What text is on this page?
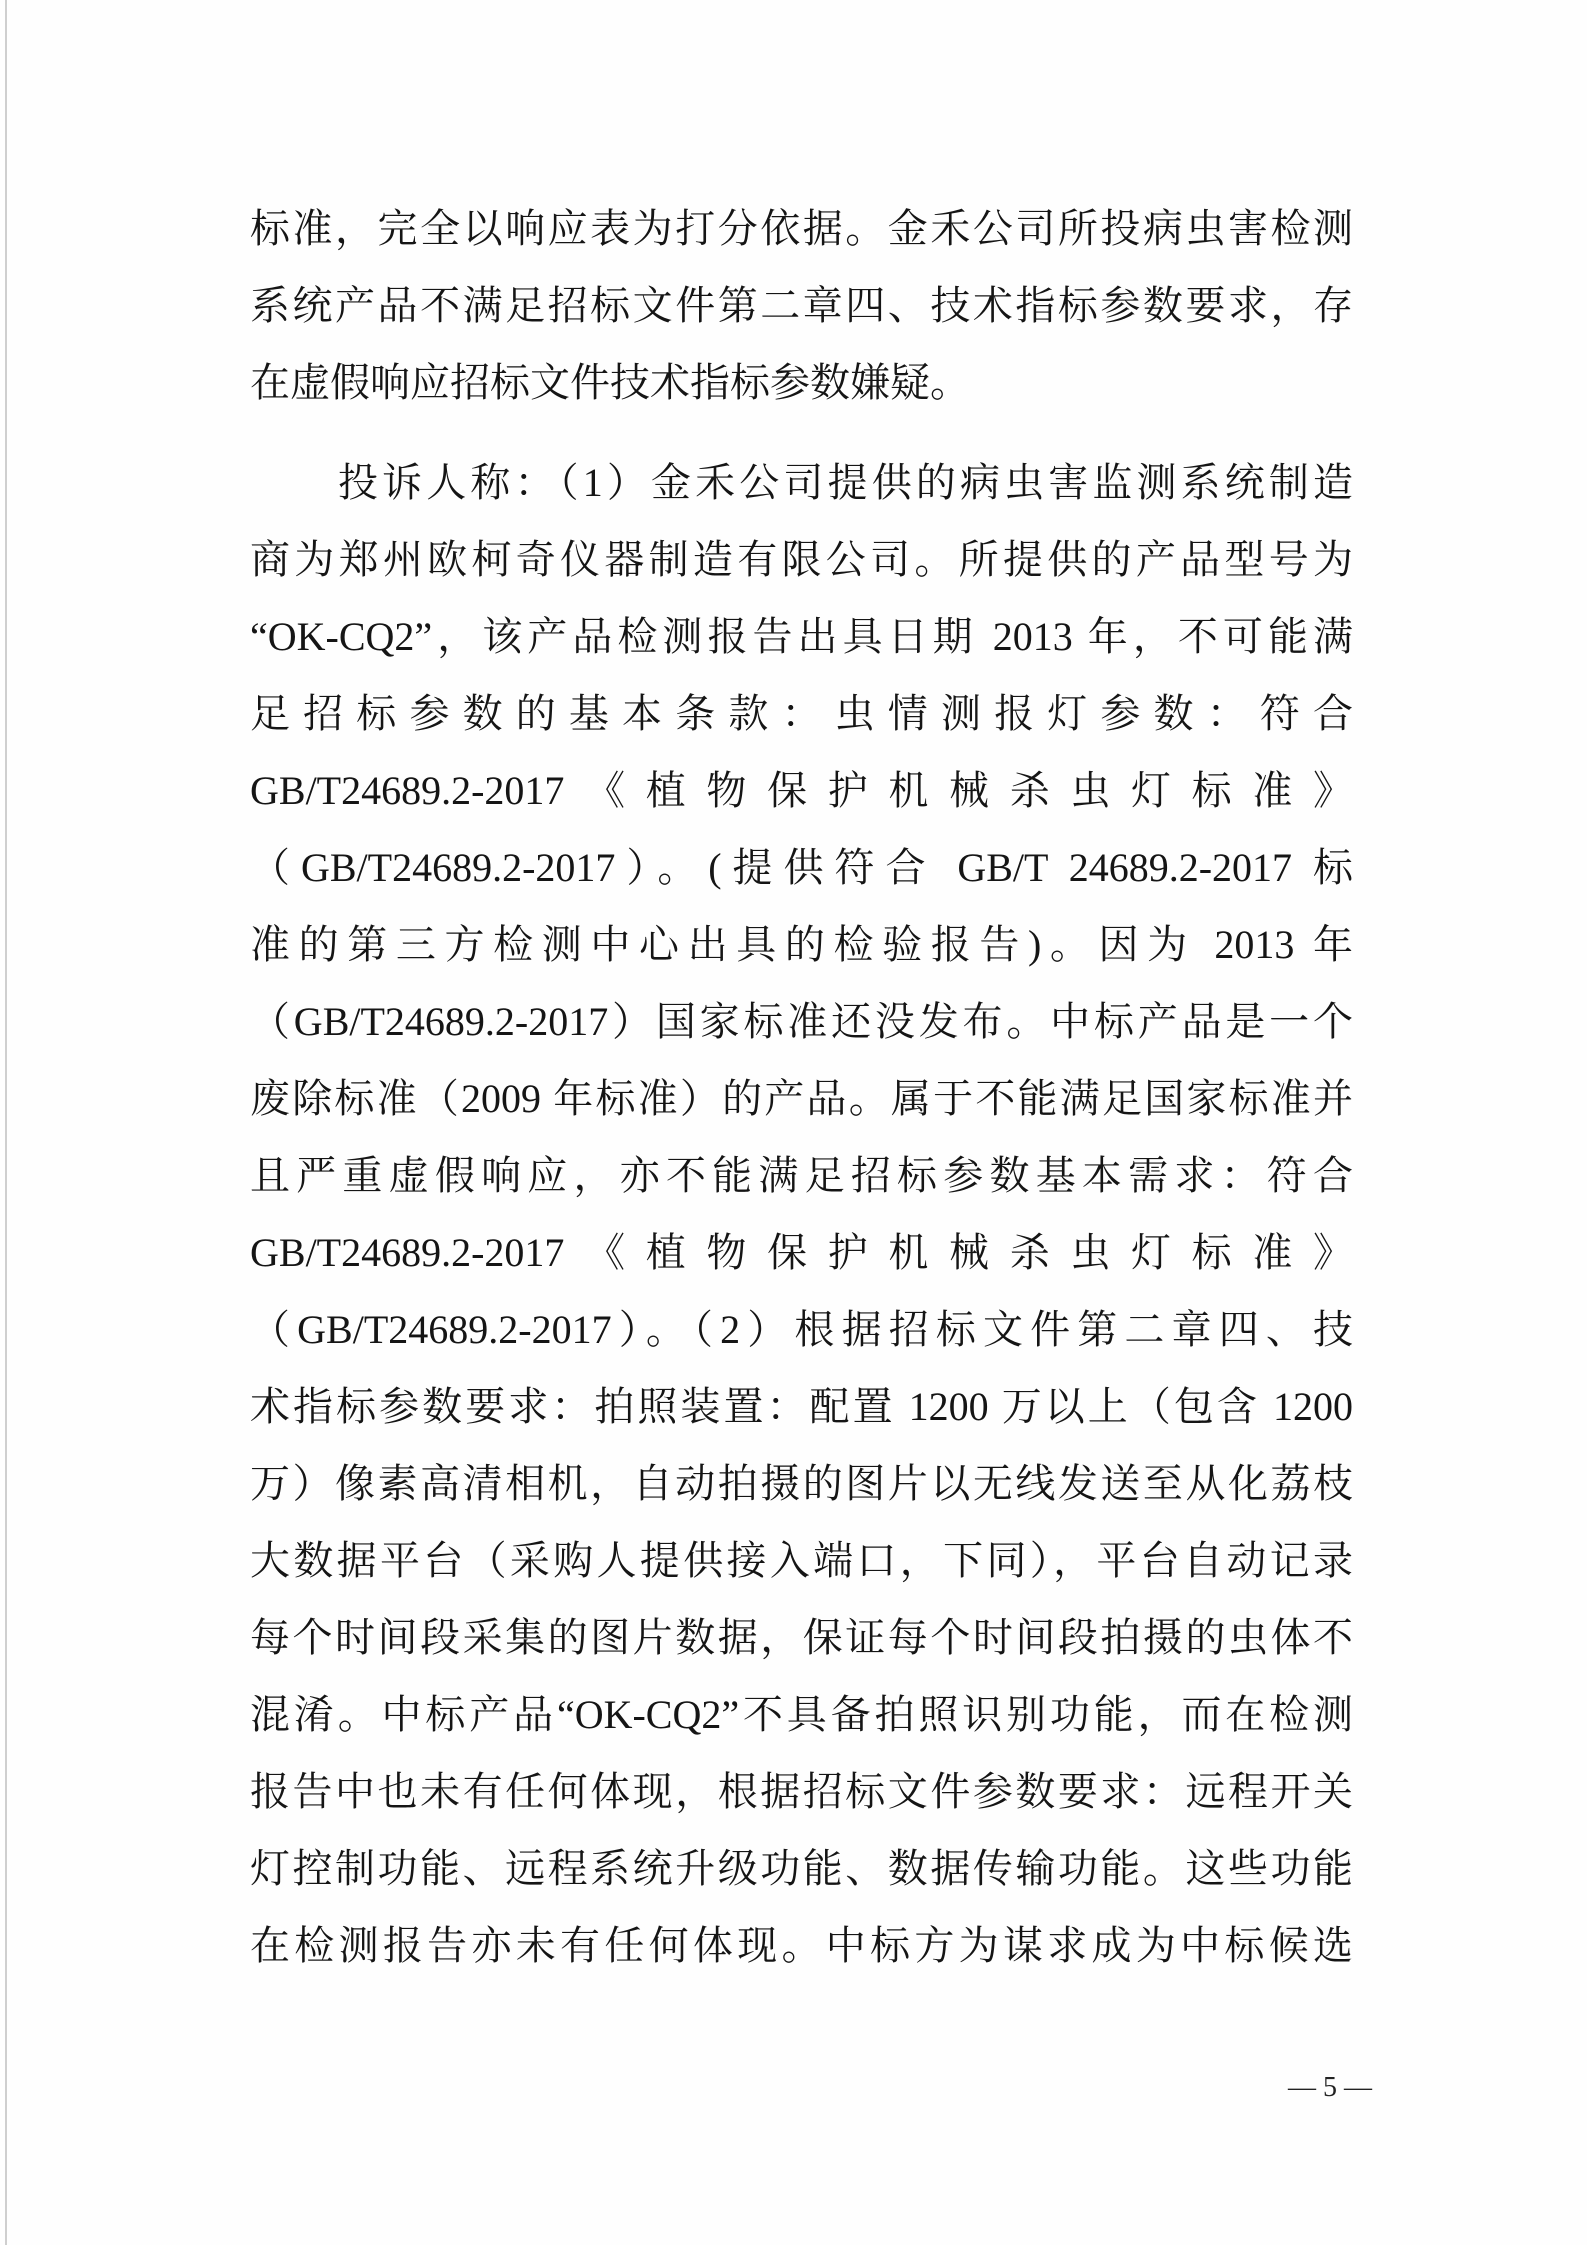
标准，完全以响应表为打分依据。金禾公司所投病虫害检测
系统产品不满足招标文件第二章四、技术指标参数要求，存
在虚假响应招标文件技术指标参数嫌疑。
投诉人称：（1）金禾公司提供的病虫害监测系统制造
商为郑州欧柯奇仪器制造有限公司。所提供的产品型号为
“OK-CQ2”，该产品检测报告出具日期 2013 年，不可能满
足招标参数的基本条款：虫情测报灯参数：符合
GB/T24689.2-2017《植物保护机械杀虫灯标准》
（GB/T24689.2-2017）。(提供符合 GB/T 24689.2-2017 标
准的第三方检测中心出具的检验报告)。因为 2013 年
（GB/T24689.2-2017）国家标准还没发布。中标产品是一个
废除标准（2009 年标准）的产品。属于不能满足国家标准并
且严重虚假响应，亦不能满足招标参数基本需求：符合
GB/T24689.2-2017《植物保护机械杀虫灯标准》
（GB/T24689.2-2017）。（2）根据招标文件第二章四、技
术指标参数要求：拍照装置：配置 1200 万以上（包含 1200
万）像素高清相机，自动拍摄的图片以无线发送至从化荔枝
大数据平台（采购人提供接入端口，下同），平台自动记录
每个时间段采集的图片数据，保证每个时间段拍摄的虫体不
混淆。中标产品“OK-CQ2”不具备拍照识别功能，而在检测
报告中也未有任何体现，根据招标文件参数要求：远程开关
灯控制功能、远程系统升级功能、数据传输功能。这些功能
在检测报告亦未有任何体现。中标方为谋求成为中标候选
— 5 —
